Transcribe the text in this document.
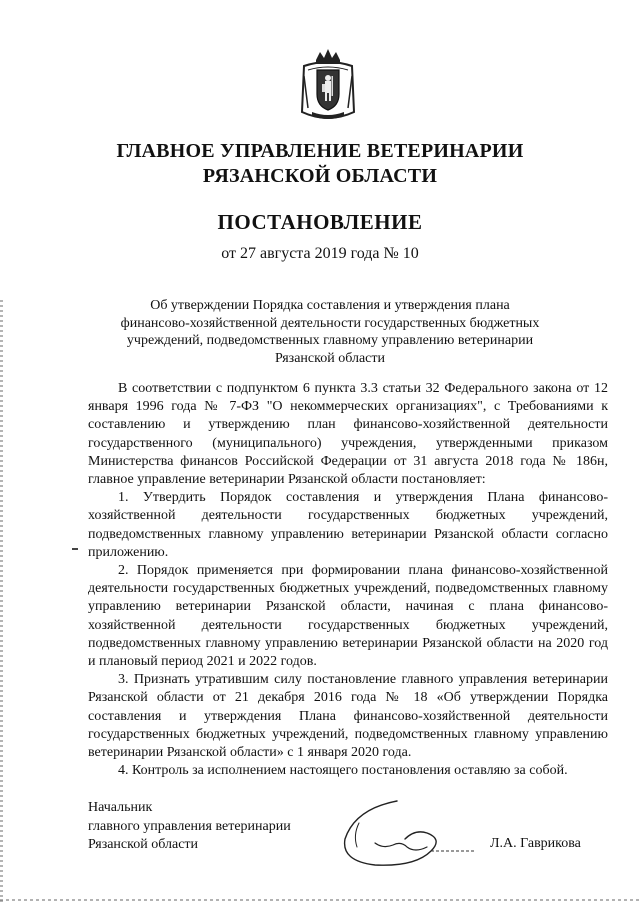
ГЛАВНОЕ УПРАВЛЕНИЕ ВЕТЕРИНАРИИ
РЯЗАНСКОЙ ОБЛАСТИ
ПОСТАНОВЛЕНИЕ
от 27 августа 2019 года № 10
Об утверждении Порядка составления и утверждения плана
финансово-хозяйственной деятельности государственных бюджетных
учреждений, подведомственных главному управлению ветеринарии
Рязанской области

В соответствии с подпунктом 6 пункта 3.3 статьи 32 Федерального закона от 12 января 1996 года № 7-ФЗ "О некоммерческих организациях", с Требованиями к составлению и утверждению план финансово-хозяйственной деятельности государственного (муниципального) учреждения, утвержденными приказом Министерства финансов Российской Федерации от 31 августа 2018 года № 186н, главное управление ветеринарии Рязанской области постановляет:

1. Утвердить Порядок составления и утверждения Плана финансово-хозяйственной деятельности государственных бюджетных учреждений, подведомственных главному управлению ветеринарии Рязанской области согласно приложению.

2. Порядок применяется при формировании плана финансово-хозяйственной деятельности государственных бюджетных учреждений, подведомственных главному управлению ветеринарии Рязанской области, начиная с плана финансово-хозяйственной деятельности государственных бюджетных учреждений, подведомственных главному управлению ветеринарии Рязанской области на 2020 год и плановый период 2021 и 2022 годов.

3. Признать утратившим силу постановление главного управления ветеринарии Рязанской области от 21 декабря 2016 года № 18 «Об утверждении Порядка составления и утверждения Плана финансово-хозяйственной деятельности государственных бюджетных учреждений, подведомственных главному управлению ветеринарии Рязанской области» с 1 января 2020 года.

4. Контроль за исполнением настоящего постановления оставляю за собой.

Начальник
главного управления ветеринарии
Рязанской области	Л.А. Гаврикова
